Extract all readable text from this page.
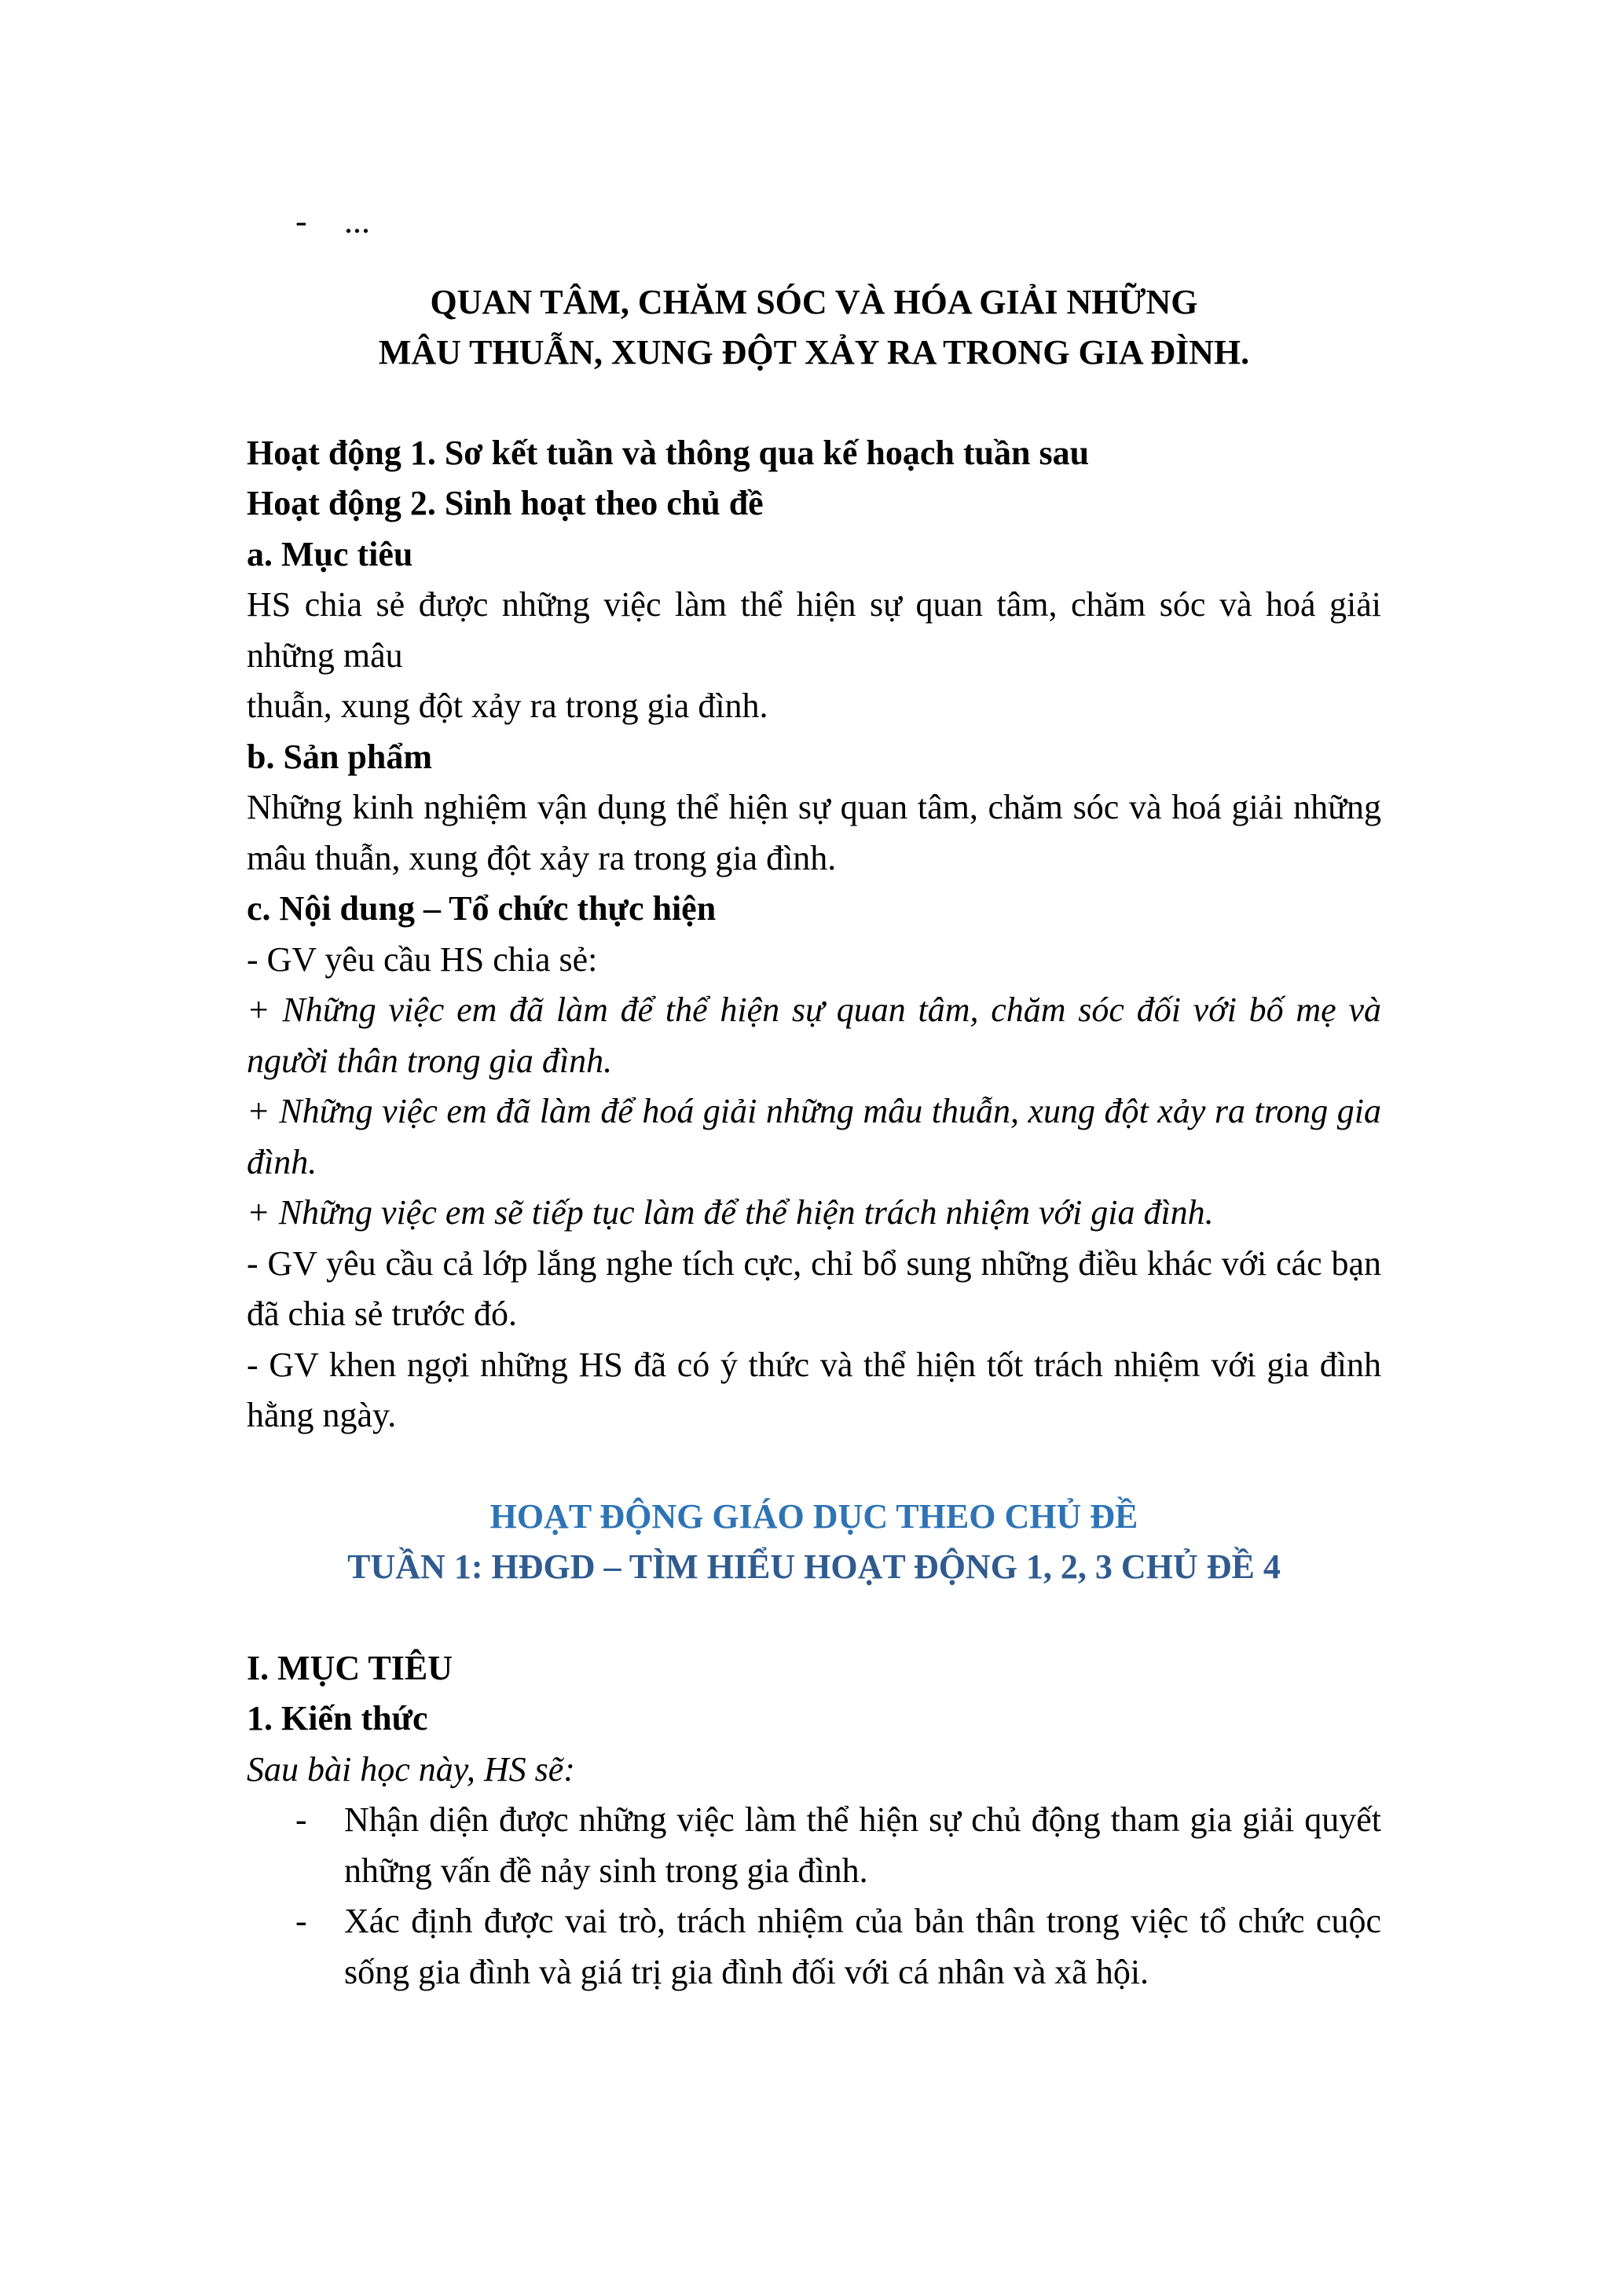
- ...

QUAN TÂM, CHĂM SÓC VÀ HÓA GIẢI NHỮNG

MÂU THUẪN, XUNG ĐỘT XẢY RA TRONG GIA ĐÌNH.

Hoạt động 1. Sơ kết tuần và thông qua kế hoạch tuần sau

Hoạt động 2. Sinh hoạt theo chủ đề

a. Mục tiêu

HS chia sẻ được những việc làm thể hiện sự quan tâm, chăm sóc và hoá giải những mâu

thuẫn, xung đột xảy ra trong gia đình.

b. Sản phẩm

Những kinh nghiệm vận dụng thể hiện sự quan tâm, chăm sóc và hoá giải những mâu thuẫn, xung đột xảy ra trong gia đình.

c. Nội dung – Tổ chức thực hiện

- GV yêu cầu HS chia sẻ:

+ Những việc em đã làm để thể hiện sự quan tâm, chăm sóc đối với bố mẹ và người thân trong gia đình.

+ Những việc em đã làm để hoá giải những mâu thuẫn, xung đột xảy ra trong gia đình.

+ Những việc em sẽ tiếp tục làm để thể hiện trách nhiệm với gia đình.

- GV yêu cầu cả lớp lắng nghe tích cực, chỉ bổ sung những điều khác với các bạn đã chia sẻ trước đó.

- GV khen ngợi những HS đã có ý thức và thể hiện tốt trách nhiệm với gia đình hằng ngày.

HOẠT ĐỘNG GIÁO DỤC THEO CHỦ ĐỀ

TUẦN 1: HĐGD – TÌM HIỂU HOẠT ĐỘNG 1, 2, 3 CHỦ ĐỀ 4

I. MỤC TIÊU

1. Kiến thức

Sau bài học này, HS sẽ:

- Nhận diện được những việc làm thể hiện sự chủ động tham gia giải quyết những vấn đề nảy sinh trong gia đình.
- Xác định được vai trò, trách nhiệm của bản thân trong việc tổ chức cuộc sống gia đình và giá trị gia đình đối với cá nhân và xã hội.
